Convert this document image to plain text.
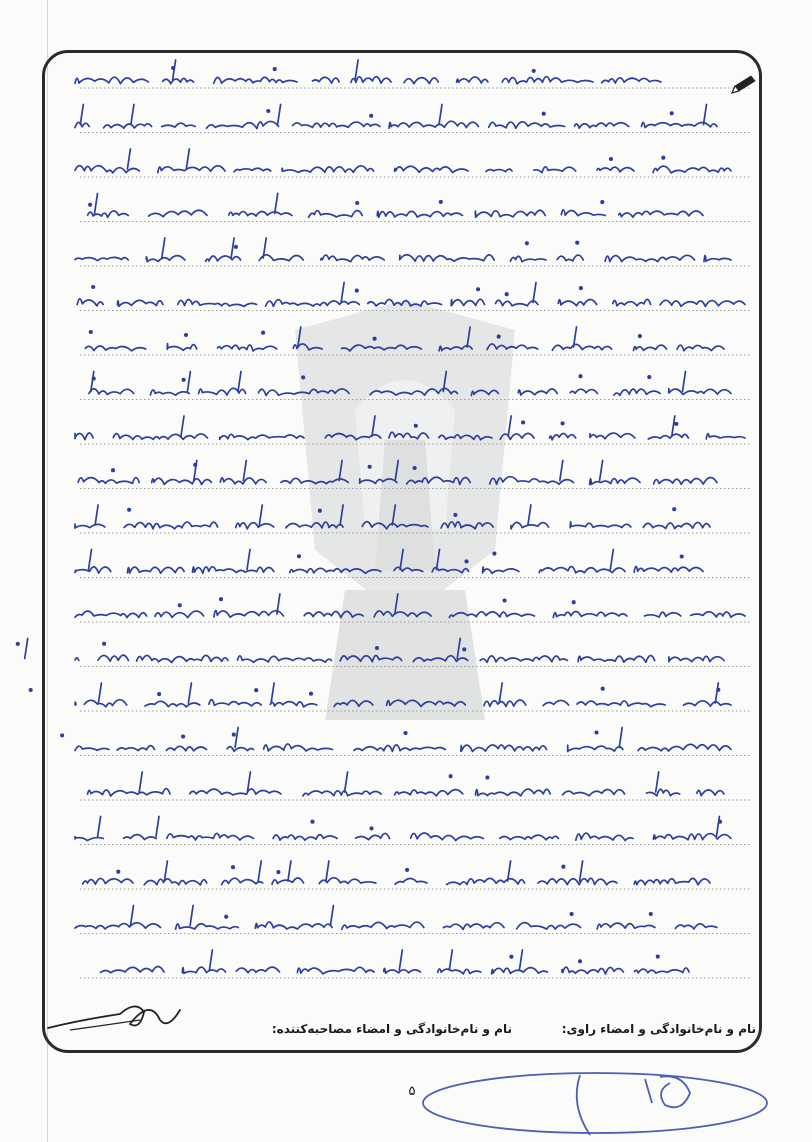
نام و نام‌خانوادگی و امضاء راوی:
نام و نام‌خانوادگی و امضاء مصاحبه‌کننده:
۵
